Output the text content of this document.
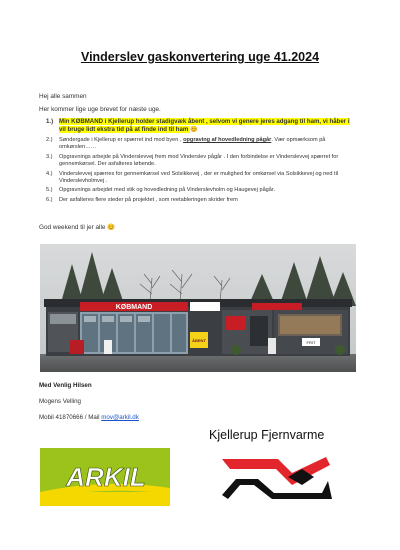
Vinderslev gaskonvertering uge 41.2024
Hej alle sammen
Her kommer lige uge brevet for næste uge.
1.) Min KØBMAND i Kjellerup holder stadigvæk åbent , selvom vi genere jeres adgang til ham, vi håber i vil bruge lidt ekstra tid på at finde ind til ham 😊
2.)	Søndergade i Kjellerup er spærret ind mod byen , opgraving af hovedledning pågår. Vær opmærksom på omkørslen……
3.)	Opgravnings arbejde på Vinderslevvej frem mod Vinderslev pågår . I den forbindelse er Vinderslevvej spærret for gennemkørsel. Der asfalteres løbende.
4.)	Vinderslevvej spærres for gennemkørsel ved Solsikkevej , der er mulighed for omkørsel via Solsikkevej og ned til Vinderslevholmvej .
5.)	Opgravnings arbejdet med stik og hovedledning på Vinderslevholm og Haugevej pågår.
6.)	Der asfalteres flere steder på projektet , som reetableringen skrider frem
God weekend til jer alle 😊
KØBMAND
ÅBENT	FRIT
Med Venlig Hilsen
Mogens Velling
Mobil 41870666 / Mail mov@arkil.dk
Kjellerup Fjernvarme
ARKIL
